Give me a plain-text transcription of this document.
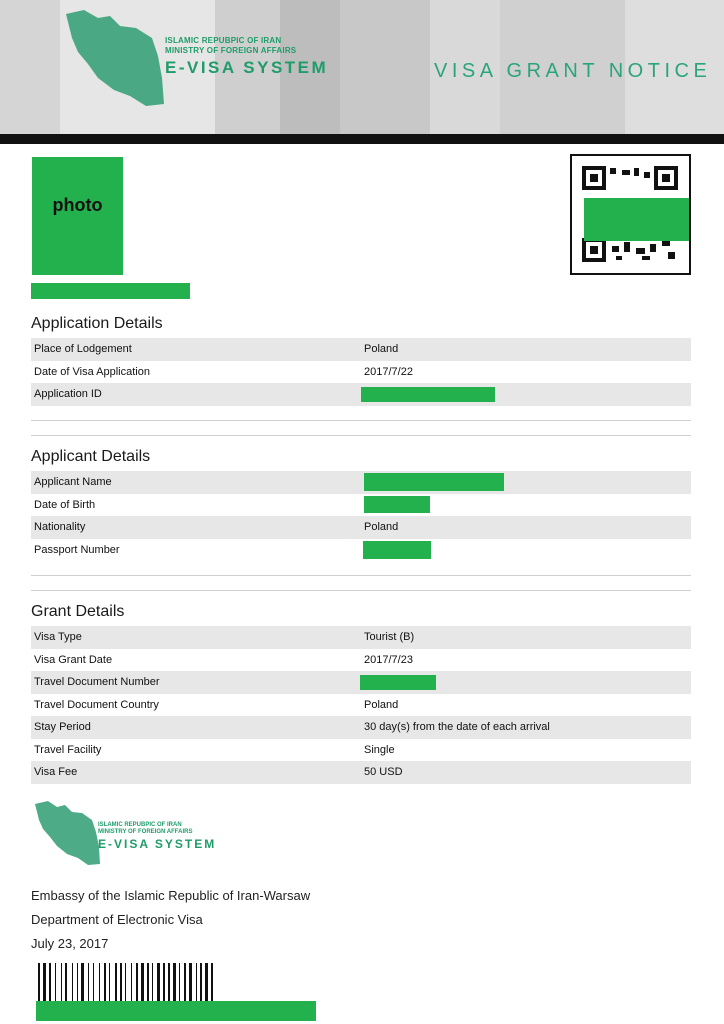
ISLAMIC REPUBPIC OF IRAN
MINISTRY OF FOREIGN AFFAIRS
E-VISA SYSTEM	VISA GRANT NOTICE
photo
Application Details
Place of Lodgement	Poland
Date of Visa Application	2017/7/22
Application ID
Applicant Details
Applicant Name
Date of Birth
Nationality	Poland
Passport Number
Grant Details
Visa Type	Tourist (B)
Visa Grant Date	2017/7/23
Travel Document Number
Travel Document Country	Poland
Stay Period	30 day(s) from the date of each arrival
Travel Facility	Single
Visa Fee	50 USD
ISLAMIC REPUBPIC OF IRAN
MINISTRY OF FOREIGN AFFAIRS
E-VISA SYSTEM
Embassy of the Islamic Republic of Iran-Warsaw
Department of Electronic Visa
July 23, 2017
